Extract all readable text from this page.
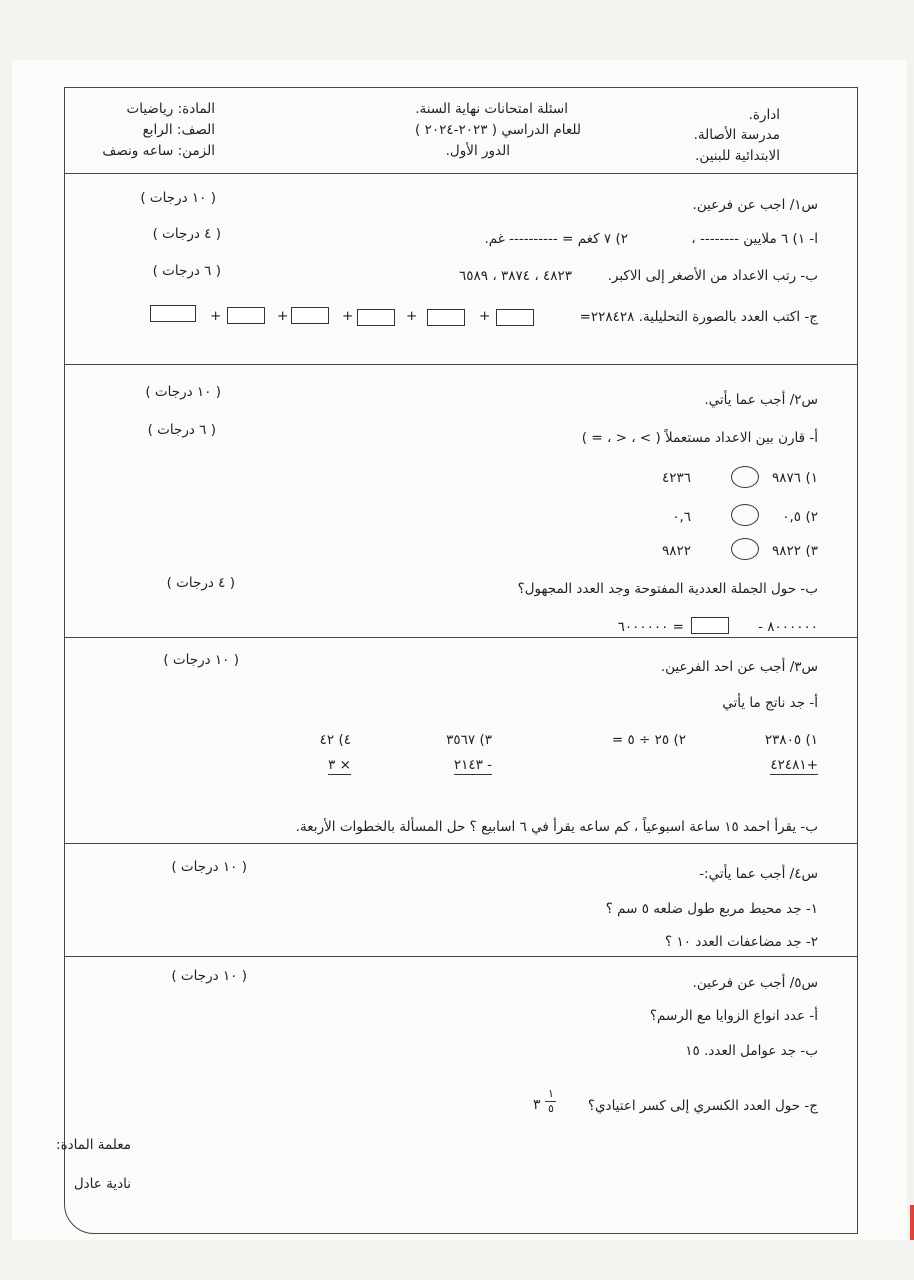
ادارة.
مدرسة الأصالة.
الابتدائية للبنين.
اسئلة امتحانات نهاية السنة.
للعام الدراسي ( ٢٠٢٣-٢٠٢٤ )
الدور الأول.
المادة: رياضيات
الصف: الرابع
الزمن: ساعه ونصف
س١/ اجب عن فرعين.
( ١٠ درجات )
ا- ١) ٦ ملايين -------- ،
٢) ٧ كغم = ---------- غم.
( ٤ درجات )
ب- رتب الاعداد من الأصغر إلى الاكبر.
٤٨٢٣ ، ٣٨٧٤ ، ٦٥٨٩
( ٦ درجات )
ج- اكتب العدد بالصورة التحليلية. ٢٢٨٤٢٨=
+
+
+
+
+
س٢/ أجب عما يأتي.
( ١٠ درجات )
أ- قارن بين الاعداد مستعملاً ( > ، < ، = )
( ٦ درجات )
١)
٩٨٧٦
٤٢٣٦
٢)
٠,٥
٠,٦
٣)
٩٨٢٢
٩٨٢٢
ب- حول الجملة العددية المفتوحة وجد العدد المجهول؟
( ٤ درجات )
٨٠٠٠٠٠٠ -
= ٦٠٠٠٠٠٠
س٣/ أجب عن احد الفرعين.
( ١٠ درجات )
أ- جد ناتج ما يأتي
١) ٢٣٨٠٥
+٤٢٤٨١
٢) ٢٥ ÷ ٥ =
٣) ٣٥٦٧
- ٢١٤٣
٤) ٤٢
× ٣
ب- يقرأ احمد ١٥ ساعة اسبوعياً ، كم ساعه يقرأ في ٦ اسابيع ؟ حل المسألة بالخطوات الأربعة.
س٤/ أجب عما يأتي:-
( ١٠ درجات )
١- جد محيط مربع طول ضلعه ٥ سم ؟
٢- جد مضاعفات العدد ١٠ ؟
س٥/ أجب عن فرعين.
( ١٠ درجات )
أ- عدد انواع الزوايا مع الرسم؟
ب- جد عوامل العدد. ١٥
ج- حول العدد الكسري إلى كسر اعتيادي؟
٣
١
٥
معلمة المادة:
نادية عادل
